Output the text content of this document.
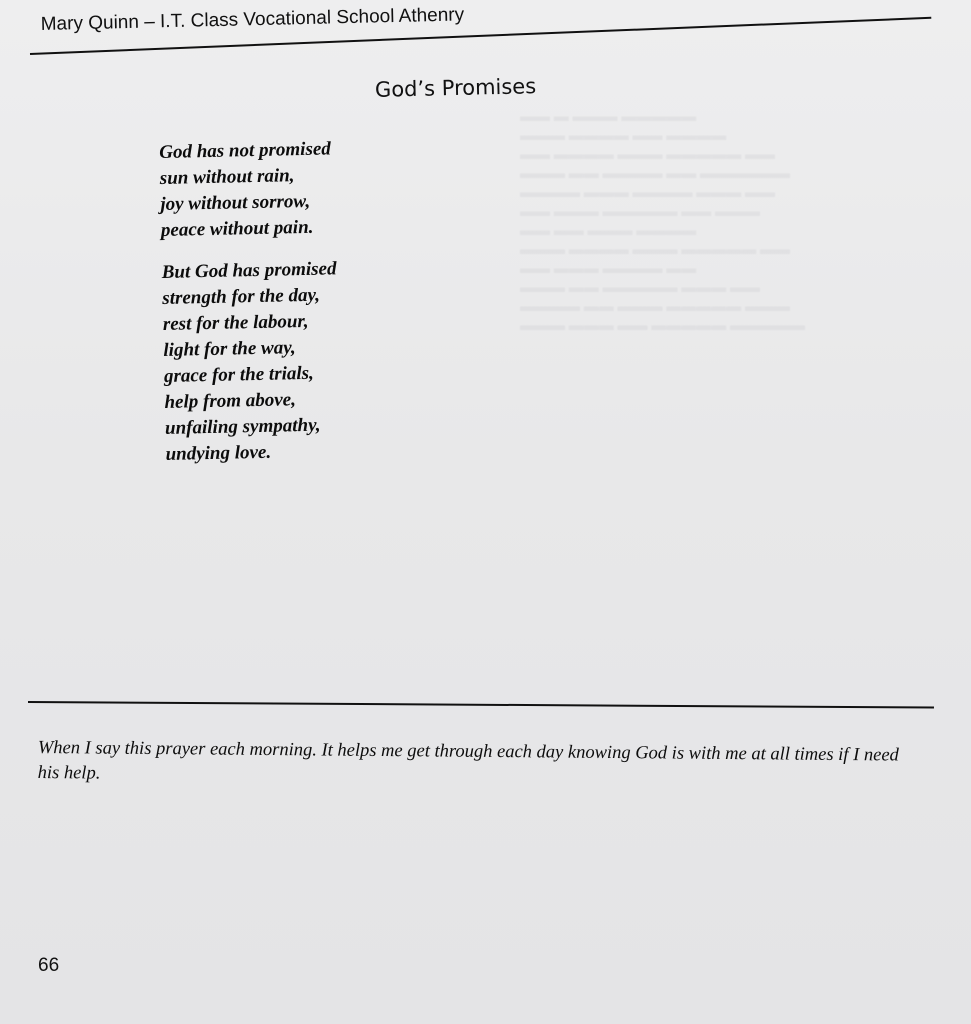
▬▬ ▬ ▬▬▬ ▬▬▬▬▬
▬▬▬ ▬▬▬▬ ▬▬ ▬▬▬▬
▬▬ ▬▬▬▬ ▬▬▬ ▬▬▬▬▬ ▬▬
▬▬▬ ▬▬ ▬▬▬▬ ▬▬ ▬▬▬▬▬▬
▬▬▬▬ ▬▬▬ ▬▬▬▬ ▬▬▬ ▬▬
▬▬ ▬▬▬ ▬▬▬▬▬ ▬▬ ▬▬▬
▬▬ ▬▬ ▬▬▬ ▬▬▬▬
▬▬▬ ▬▬▬▬ ▬▬▬ ▬▬▬▬▬ ▬▬
▬▬ ▬▬▬ ▬▬▬▬ ▬▬
▬▬▬ ▬▬ ▬▬▬▬▬ ▬▬▬ ▬▬
▬▬▬▬ ▬▬ ▬▬▬ ▬▬▬▬▬ ▬▬▬
▬▬▬ ▬▬▬ ▬▬ ▬▬▬▬▬ ▬▬▬▬▬
Mary Quinn – I.T. Class Vocational School Athenry
God’s Promises

God has not promised
sun without rain,
joy without sorrow,
peace without pain.

But God has promised
strength for the day,
rest for the labour,
light for the way,
grace for the trials,
help from above,
unfailing sympathy,
undying love.

When I say this prayer each morning. It helps me get through each day knowing God is with me at all times if I need his help.
66
